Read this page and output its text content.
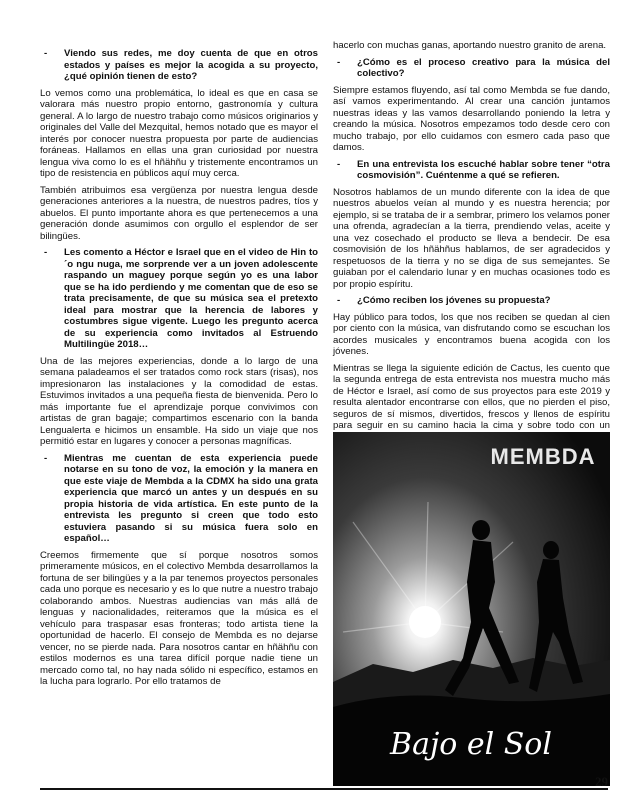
-	Viendo sus redes, me doy cuenta de que en otros estados y países es mejor la acogida a su proyecto, ¿qué opinión tienen de esto?

Lo vemos como una problemática, lo ideal es que en casa se valorara más nuestro propio entorno, gastronomía y cultura general. A lo largo de nuestro trabajo como músicos originarios y originales del Valle del Mezquital, hemos notado que es mayor el interés por conocer nuestra propuesta por parte de audiencias foráneas. Hallamos en ellas una gran curiosidad por nuestra lengua viva como lo es el hñähñu y tristemente encontramos un tipo de resistencia en públicos aquí muy cerca.

También atribuimos esa vergüenza por nuestra lengua desde generaciones anteriores a la nuestra, de nuestros padres, tíos y abuelos. El punto importante ahora es que pertenecemos a una generación donde asumimos con orgullo el esplendor de ser bilingües.

-	Les comento a Héctor e Israel que en el video de Hin to´o ngu nuga, me sorprende ver a un joven adolescente raspando un maguey porque según yo es una labor que se ha ido perdiendo y me comentan que de eso se trata precisamente, de que su música sea el pretexto ideal para mostrar que la herencia de labores y costumbres sigue vigente. Luego les pregunto acerca de su experiencia como invitados al Estruendo Multilingüe 2018…

Una de las mejores experiencias, donde a lo largo de una semana paladeamos el ser tratados como rock stars (risas), nos impresionaron las instalaciones y la comodidad de estas. Estuvimos invitados a una pequeña fiesta de bienvenida. Pero lo más importante fue el aprendizaje porque convivimos con artistas de gran bagaje; compartimos escenario con la banda Lengualerta e hicimos un ensamble. Ha sido un viaje que nos permitió estar en lugares y conocer a personas magníficas.

-	Mientras me cuentan de esta experiencia puede notarse en su tono de voz, la emoción y la manera en que este viaje de Membda a la CDMX ha sido una grata experiencia que marcó un antes y un después en su propia historia de vida artística. En este punto de la entrevista les pregunto si creen que todo esto estuviera pasando si su música fuera solo en español…

Creemos firmemente que sí porque nosotros somos primeramente músicos, en el colectivo Membda desarrollamos la fortuna de ser bilingües y a la par tenemos proyectos personales cada uno porque es necesario y es lo que nutre a nuestro trabajo colaborando ambos. Nuestras audiencias van más allá de lenguas y nacionalidades, reiteramos que la música es el vehículo para traspasar esas fronteras; todo artista tiene la oportunidad de hacerlo. El consejo de Membda es no dejarse vencer, no se pierde nada. Para nosotros cantar en hñähñu con estilos modernos es una tarea difícil porque nadie tiene un mercado como tal, no hay nada sólido ni específico, estamos en la lucha para lograrlo. Por ello tratamos de

hacerlo con muchas ganas, aportando nuestro granito de arena.

-	¿Cómo es el proceso creativo para la música del colectivo?

Siempre estamos fluyendo, así tal como Membda se fue dando, así vamos experimentando. Al crear una canción juntamos nuestras ideas y las vamos desarrollando poniendo la letra y creando la música. Nosotros empezamos todo desde cero con mucho trabajo, por ello cuidamos con esmero cada paso que damos.

-	En una entrevista los escuché hablar sobre tener “otra cosmovisión”. Cuéntenme a qué se refieren.

Nosotros hablamos de un mundo diferente con la idea de que nuestros abuelos veían al mundo y es nuestra herencia; por ejemplo, si se trataba de ir a sembrar, primero los velamos poner una ofrenda, agradecían a la tierra, prendiendo velas, aceite y una vez cosechado el producto se lleva a bendecir. De esa cosmovisión de los hñähñus hablamos, de ser agradecidos y respetuosos de la tierra y no se diga de sus semejantes. Se guiaban por el calendario lunar y en muchas ocasiones todo es por propio espíritu.

-	¿Cómo reciben los jóvenes su propuesta?

Hay público para todos, los que nos reciben se quedan al cien por ciento con la música, van disfrutando como se escuchan los acordes musicales y encontramos buena acogida con los jóvenes.

Mientras se llega la siguiente edición de Cactus, les cuento que la segunda entrega de esta entrevista nos muestra mucho más de Héctor e Israel, así como de sus proyectos para este 2019 y resulta alentador encontrarse con ellos, que no pierden el piso, seguros de sí mismos, divertidos, frescos y llenos de espíritu para seguir en su camino hacia la cima y sobre todo con un

MEMBDA
Bajo el Sol
29
